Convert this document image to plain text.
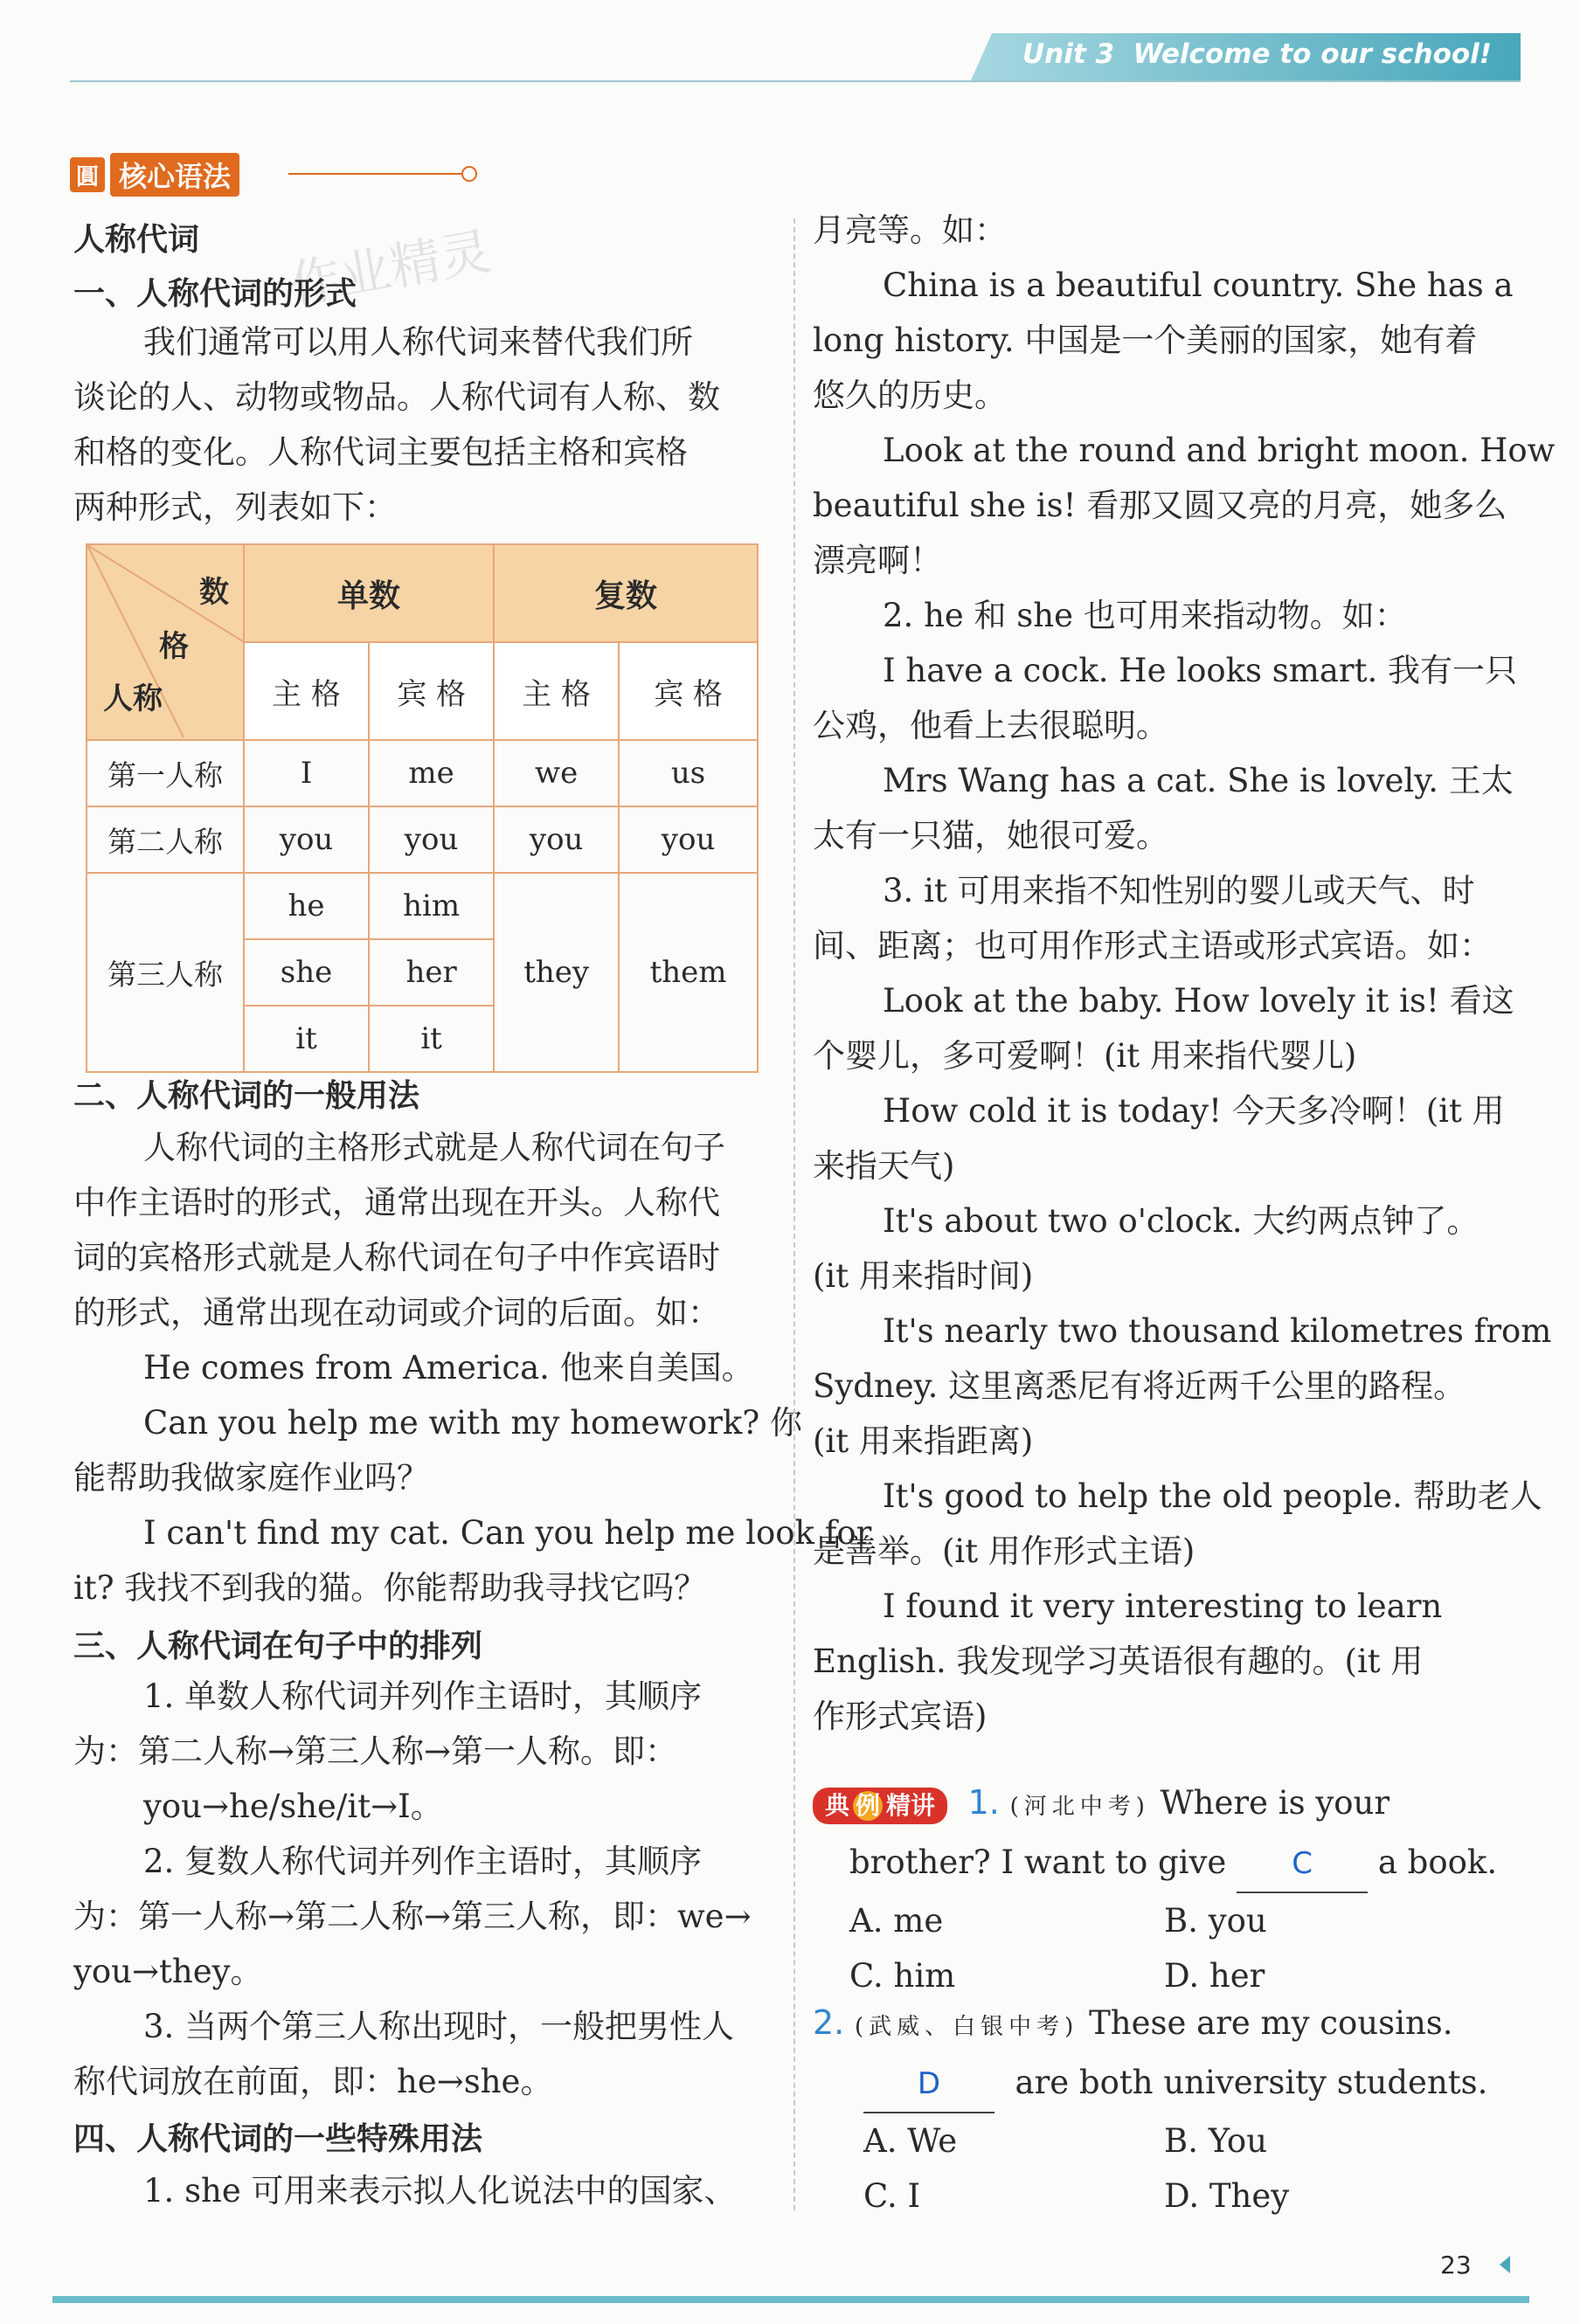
Unit 3 Welcome to our school!
圓 核心语法
作业精灵
人称代词
一、人称代词的形式
我们通常可以用人称代词来替代我们所
谈论的人、动物或物品。人称代词有人称、数
和格的变化。人称代词主要包括主格和宾格
两种形式，列表如下：
数
格
人称	单数		复数	
	主 格	宾 格	主 格	宾 格
第一人称	I	me	we	us
第二人称	you	you	you	you
第三人称	he	him	they	them
	she	her		
	it	it		
二、人称代词的一般用法
人称代词的主格形式就是人称代词在句子
中作主语时的形式，通常出现在开头。人称代
词的宾格形式就是人称代词在句子中作宾语时
的形式，通常出现在动词或介词的后面。如：
He comes from America. 他来自美国。
Can you help me with my homework? 你
能帮助我做家庭作业吗？
I can't find my cat. Can you help me look for
it? 我找不到我的猫。你能帮助我寻找它吗？
三、人称代词在句子中的排列
1. 单数人称代词并列作主语时，其顺序
为：第二人称→第三人称→第一人称。即：
you→he/she/it→I。
2. 复数人称代词并列作主语时，其顺序
为：第一人称→第二人称→第三人称，即：we→
you→they。
3. 当两个第三人称出现时，一般把男性人
称代词放在前面，即：he→she。
四、人称代词的一些特殊用法
1. she 可用来表示拟人化说法中的国家、
月亮等。如：
China is a beautiful country. She has a
long history. 中国是一个美丽的国家，她有着
悠久的历史。
Look at the round and bright moon. How
beautiful she is! 看那又圆又亮的月亮，她多么
漂亮啊！
2. he 和 she 也可用来指动物。如：
I have a cock. He looks smart. 我有一只
公鸡，他看上去很聪明。
Mrs Wang has a cat. She is lovely. 王太
太有一只猫，她很可爱。
3. it 可用来指不知性别的婴儿或天气、时
间、距离；也可用作形式主语或形式宾语。如：
Look at the baby. How lovely it is! 看这
个婴儿，多可爱啊！(it 用来指代婴儿)
How cold it is today! 今天多冷啊！(it 用
来指天气)
It's about two o'clock. 大约两点钟了。
(it 用来指时间)
It's nearly two thousand kilometres from
Sydney. 这里离悉尼有将近两千公里的路程。
(it 用来指距离)
It's good to help the old people. 帮助老人
是善举。(it 用作形式主语)
I found it very interesting to learn
English. 我发现学习英语很有趣的。(it 用
作形式宾语)
典 例 精讲 1. (河北中考) Where is your
brother? I want to give C a book.
A. me	B. you
C. him	D. her
2. (武威、白银中考) These are my cousins.
D are both university students.
A. We	B. You
C. I	D. They
23
